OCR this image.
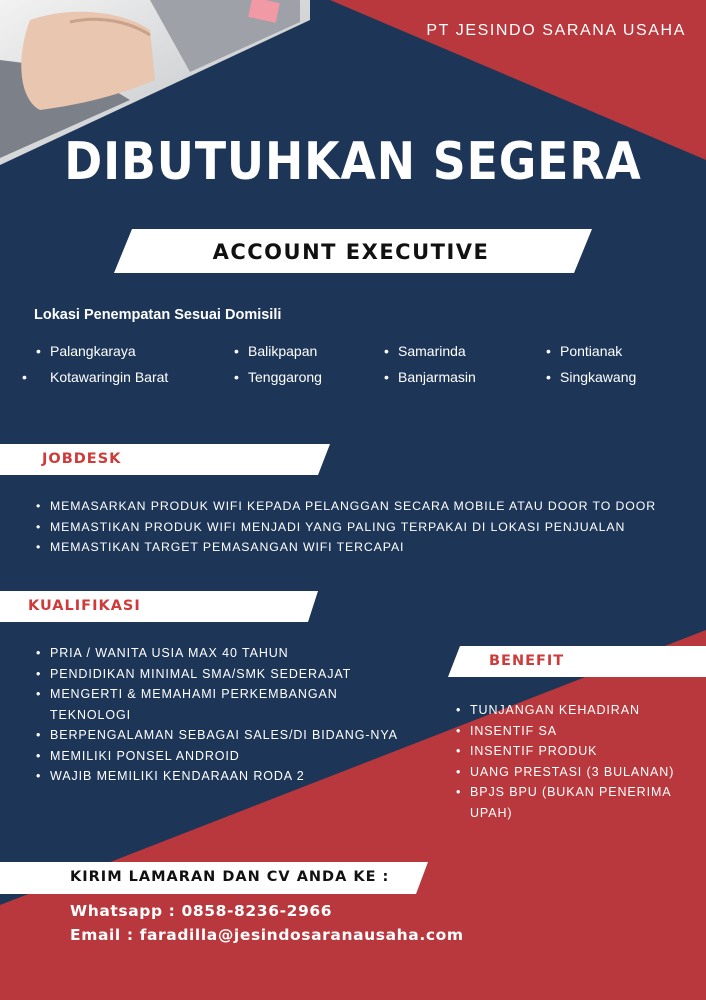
PT JESINDO SARANA USAHA
DIBUTUHKAN SEGERA
ACCOUNT EXECUTIVE
Lokasi Penempatan Sesuai Domisili
• Palangkaraya
• Kotawaringin Barat
• Balikpapan
• Tenggarong
• Samarinda
• Banjarmasin
• Pontianak
• Singkawang
JOBDESK
• MEMASARKAN PRODUK WIFI KEPADA PELANGGAN SECARA MOBILE ATAU DOOR TO DOOR
• MEMASTIKAN PRODUK WIFI MENJADI YANG PALING TERPAKAI DI LOKASI PENJUALAN
• MEMASTIKAN TARGET PEMASANGAN WIFI TERCAPAI
KUALIFIKASI
• PRIA / WANITA USIA MAX 40 TAHUN
• PENDIDIKAN MINIMAL SMA/SMK SEDERAJAT
• MENGERTI & MEMAHAMI PERKEMBANGAN TEKNOLOGI
• BERPENGALAMAN SEBAGAI SALES/DI BIDANG-NYA
• MEMILIKI PONSEL ANDROID
• WAJIB MEMILIKI KENDARAAN RODA 2
BENEFIT
• TUNJANGAN KEHADIRAN
• INSENTIF SA
• INSENTIF PRODUK
• UANG PRESTASI (3 BULANAN)
• BPJS BPU (BUKAN PENERIMA UPAH)
KIRIM LAMARAN DAN CV ANDA KE :
Whatsapp : 0858-8236-2966
Email : faradilla@jesindosaranausaha.com
